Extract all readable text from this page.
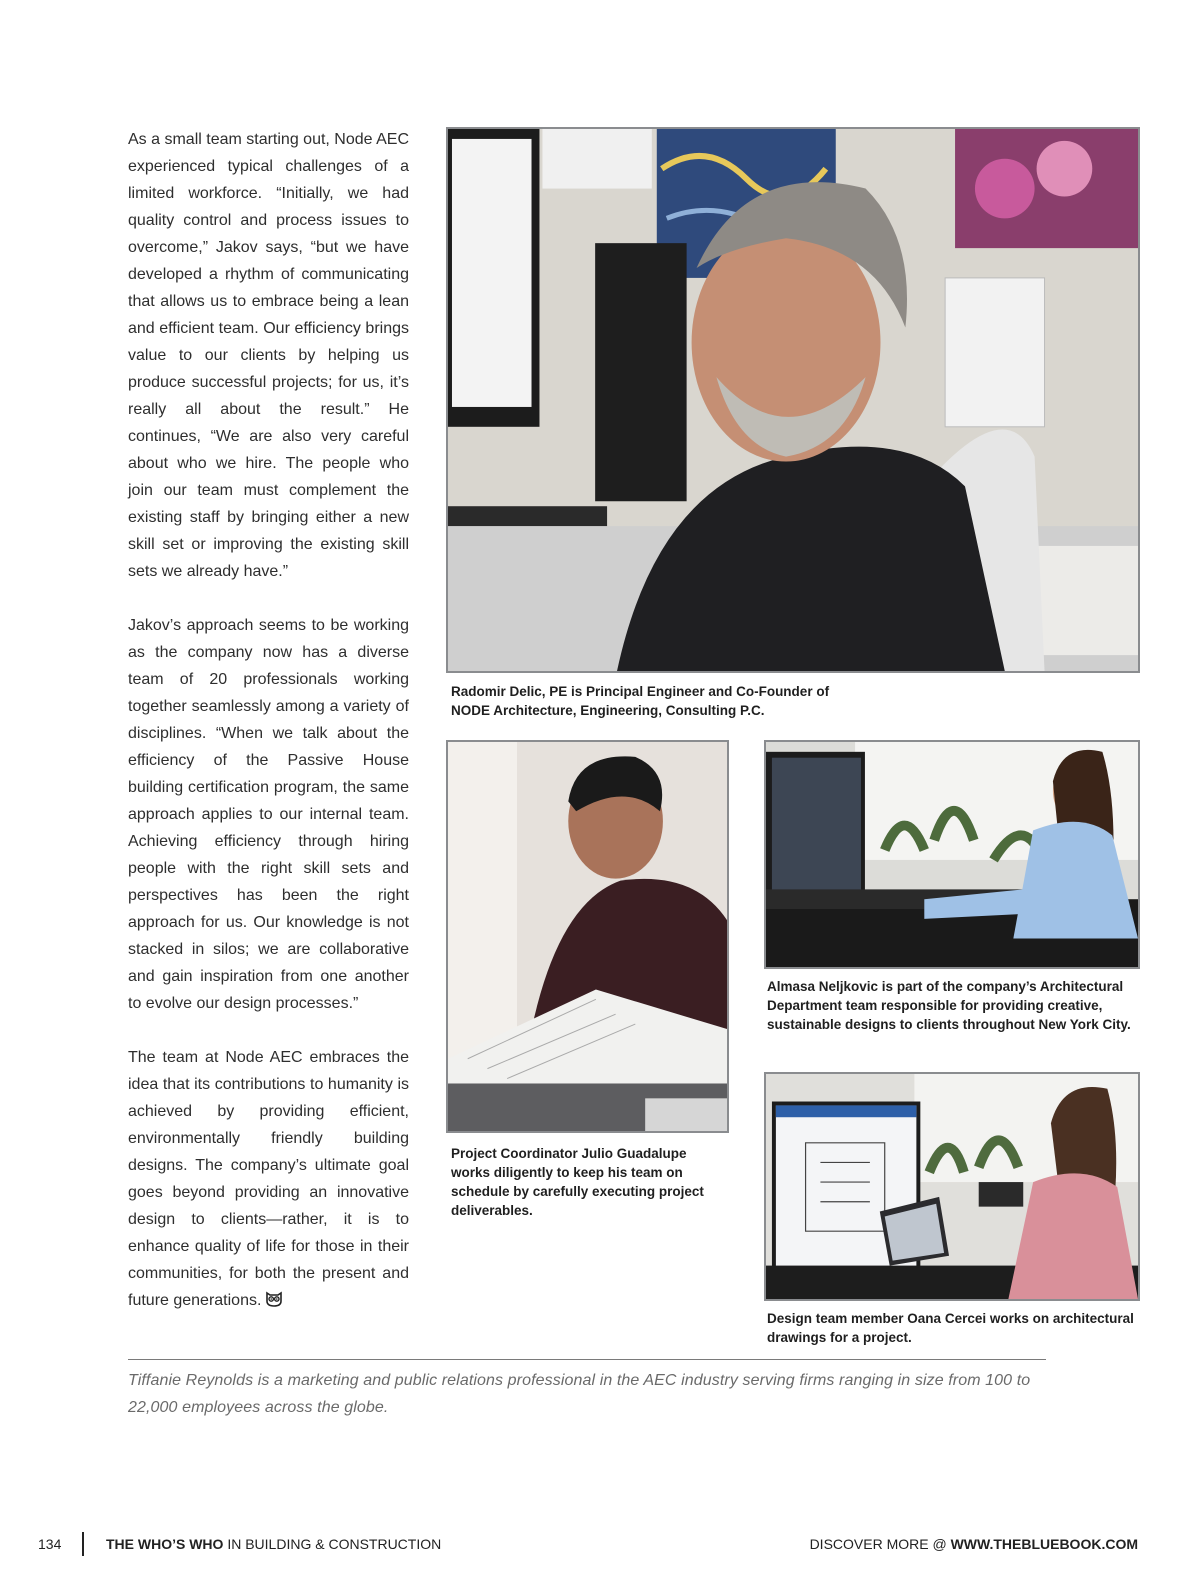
As a small team starting out, Node AEC experienced typical challenges of a limited workforce. “Initially, we had quality control and process issues to overcome,” Jakov says, “but we have developed a rhythm of communicating that allows us to embrace being a lean and efficient team. Our efficiency brings value to our clients by helping us produce successful projects; for us, it’s really all about the result.” He continues, “We are also very careful about who we hire. The people who join our team must complement the existing staff by bringing either a new skill set or improving the existing skill sets we already have.”

Jakov’s approach seems to be working as the company now has a diverse team of 20 professionals working together seamlessly among a variety of disciplines. “When we talk about the efficiency of the Passive House building certification program, the same approach applies to our internal team. Achieving efficiency through hiring people with the right skill sets and perspectives has been the right approach for us. Our knowledge is not stacked in silos; we are collaborative and gain inspiration from one another to evolve our design processes.”

The team at Node AEC embraces the idea that its contributions to humanity is achieved by providing efficient, environmentally friendly building designs. The company’s ultimate goal goes beyond providing an innovative design to clients—rather, it is to enhance quality of life for those in their communities, for both the present and future generations.

Radomir Delic, PE is Principal Engineer and Co-Founder of NODE Architecture, Engineering, Consulting P.C.
Project Coordinator Julio Guadalupe works diligently to keep his team on schedule by carefully executing project deliverables.
Almasa Neljkovic is part of the company’s Architectural Department team responsible for providing creative, sustainable designs to clients throughout New York City.
Design team member Oana Cercei works on architectural drawings for a project.
Tiffanie Reynolds is a marketing and public relations professional in the AEC industry serving firms ranging in size from 100 to 22,000 employees across the globe.
134	THE WHO’S WHO IN BUILDING & CONSTRUCTION	DISCOVER MORE @ WWW.THEBLUEBOOK.COM
